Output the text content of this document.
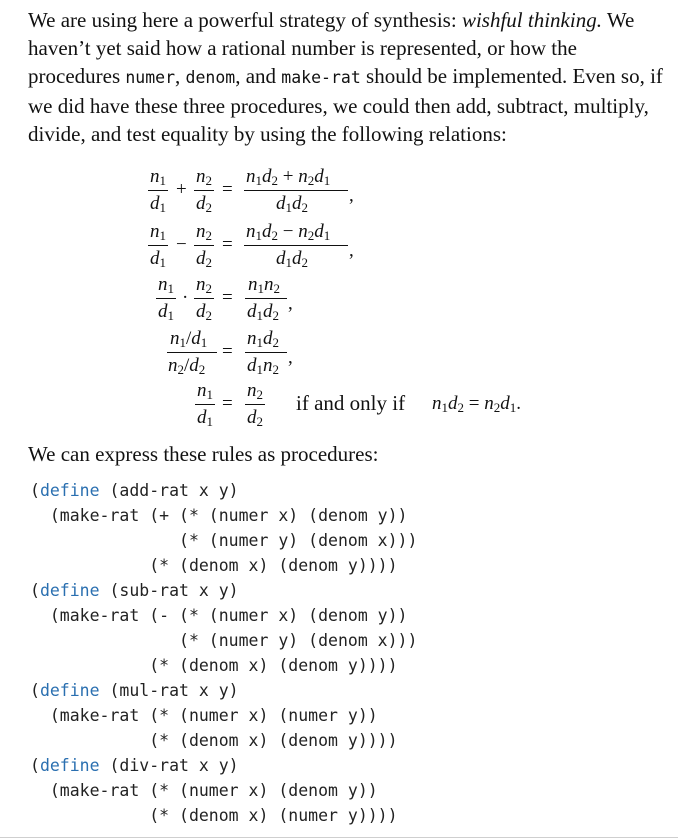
We are using here a powerful strategy of synthesis: wishful thinking. We haven’t yet said how a rational number is represented, or how the procedures numer, denom, and make-rat should be implemented. Even so, if we did have these three procedures, we could then add, subtract, multiply, divide, and test equality by using the following relations:

$n_1$
$d_1$
+
$n_2$
$d_2$
=
$n_1d_2 + n_2d_1$
$d_1d_2$
,
$n_1$
$d_1$
−
$n_2$
$d_2$
=
$n_1d_2 - n_2d_1$
$d_1d_2$
,
$n_1$
$d_1$
·
$n_2$
$d_2$
=
$n_1n_2$
$d_1d_2$
,
$n_1/d_1$
$n_2/d_2$
=
$n_1d_2$
$d_1n_2$
,
$n_1$
$d_1$
=
$n_2$
$d_2$
if and only if $n_1d_2 = n_2d_1$.

We can express these rules as procedures:

(define (add-rat x y)
(make-rat (+ (* (numer x) (denom y))
(* (numer y) (denom x)))
(* (denom x) (denom y))))
(define (sub-rat x y)
(make-rat (- (* (numer x) (denom y))
(* (numer y) (denom x)))
(* (denom x) (denom y))))
(define (mul-rat x y)
(make-rat (* (numer x) (numer y))
(* (denom x) (denom y))))
(define (div-rat x y)
(make-rat (* (numer x) (denom y))
(* (denom x) (numer y))))
